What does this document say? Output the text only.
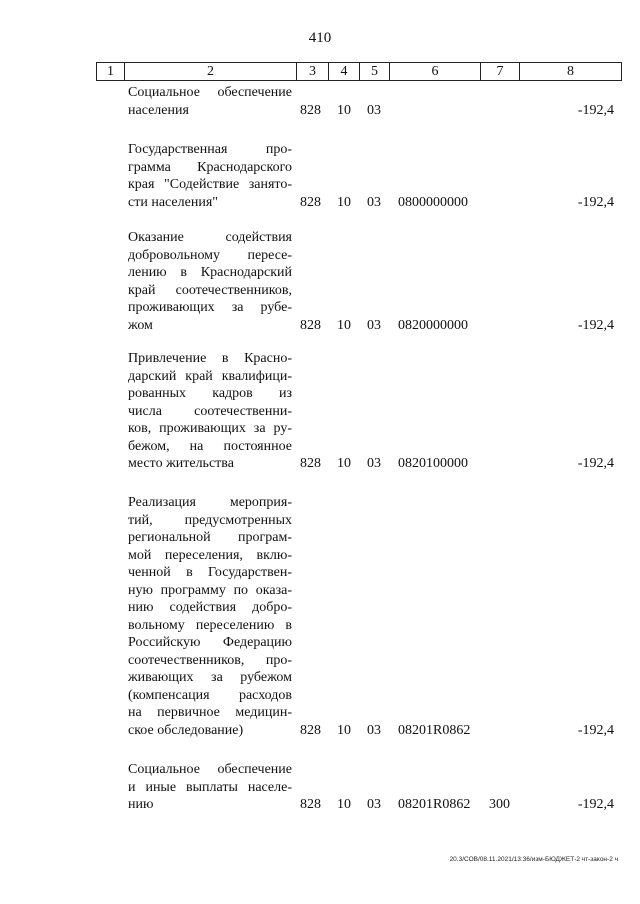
410
1	2	3	4	5	6	7	8
Социальное обеспечение
населения	828 10 03	-192,4
Государственная про-
грамма Краснодарского
края "Содействие занято-
сти населения"	828 10 03 0800000000	-192,4
Оказание содействия
добровольному пересе-
лению в Краснодарский
край соотечественников,
проживающих за рубе-
жом	828 10 03 0820000000	-192,4
Привлечение в Красно-
дарский край квалифици-
рованных кадров из
числа соотечественни-
ков, проживающих за ру-
бежом, на постоянное
место жительства	828 10 03 0820100000	-192,4
Реализация мероприя-
тий, предусмотренных
региональной програм-
мой переселения, вклю-
ченной в Государствен-
ную программу по оказа-
нию содействия добро-
вольному переселению в
Российскую Федерацию
соотечественников, про-
живающих за рубежом
(компенсация расходов
на первичное медицин-
ское обследование)	828 10 03 08201R0862	-192,4
Социальное обеспечение
и иные выплаты населе-
нию	828 10 03 08201R0862 300	-192,4
20.3/СОВ/08.11.2021/13:36/изм-БЮДЖЕТ-2 чт-закон-2 ч
